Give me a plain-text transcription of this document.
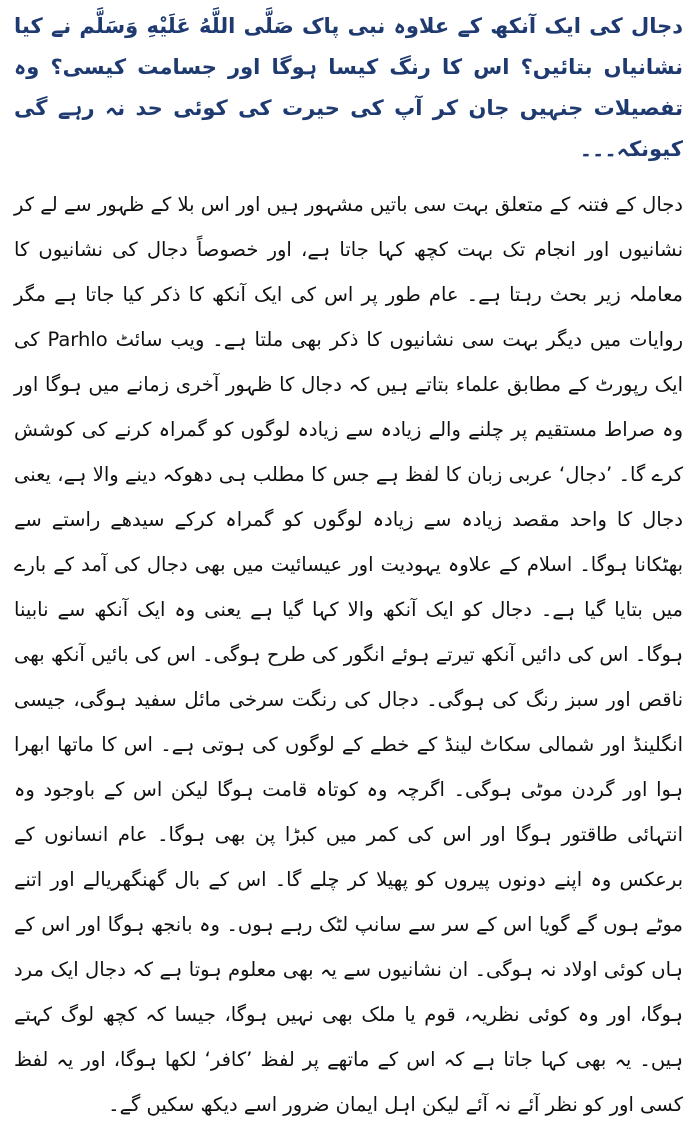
دجال کی ایک آنکھ کے علاوہ نبی پاک صَلَّى اللَّهُ عَلَيْهِ وَسَلَّم نے کیا نشانیاں بتائیں؟ اس کا رنگ کیسا ہوگا اور جسامت کیسی؟ وہ تفصیلات جنہیں جان کر آپ کی حیرت کی کوئی حد نہ رہے گی کیونکہ۔۔۔

دجال کے فتنہ کے متعلق بہت سی باتیں مشہور ہیں اور اس بلا کے ظہور سے لے کر نشانیوں اور انجام تک بہت کچھ کہا جاتا ہے، اور خصوصاً دجال کی نشانیوں کا معاملہ زیر بحث رہتا ہے۔ عام طور پر اس کی ایک آنکھ کا ذکر کیا جاتا ہے مگر روایات میں دیگر بہت سی نشانیوں کا ذکر بھی ملتا ہے۔ ویب سائٹ Parhlo کی ایک رپورٹ کے مطابق علماء بتاتے ہیں کہ دجال کا ظہور آخری زمانے میں ہوگا اور وہ صراط مستقیم پر چلنے والے زیادہ سے زیادہ لوگوں کو گمراہ کرنے کی کوشش کرے گا۔ ’دجال‘ عربی زبان کا لفظ ہے جس کا مطلب ہی دھوکہ دینے والا ہے، یعنی دجال کا واحد مقصد زیادہ سے زیادہ لوگوں کو گمراہ کرکے سیدھے راستے سے بھٹکانا ہوگا۔ اسلام کے علاوہ یہودیت اور عیسائیت میں بھی دجال کی آمد کے بارے میں بتایا گیا ہے۔ دجال کو ایک آنکھ والا کہا گیا ہے یعنی وہ ایک آنکھ سے نابینا ہوگا۔ اس کی دائیں آنکھ تیرتے ہوئے انگور کی طرح ہوگی۔ اس کی بائیں آنکھ بھی ناقص اور سبز رنگ کی ہوگی۔ دجال کی رنگت سرخی مائل سفید ہوگی، جیسی انگلینڈ اور شمالی سکاٹ لینڈ کے خطے کے لوگوں کی ہوتی ہے۔ اس کا ماتھا ابھرا ہوا اور گردن موٹی ہوگی۔ اگرچہ وہ کوتاہ قامت ہوگا لیکن اس کے باوجود وہ انتہائی طاقتور ہوگا اور اس کی کمر میں کبڑا پن بھی ہوگا۔ عام انسانوں کے برعکس وہ اپنے دونوں پیروں کو پھیلا کر چلے گا۔ اس کے بال گھنگھریالے اور اتنے موٹے ہوں گے گویا اس کے سر سے سانپ لٹک رہے ہوں۔ وہ بانجھ ہوگا اور اس کے ہاں کوئی اولاد نہ ہوگی۔ ان نشانیوں سے یہ بھی معلوم ہوتا ہے کہ دجال ایک مرد ہوگا، اور وہ کوئی نظریہ، قوم یا ملک بھی نہیں ہوگا، جیسا کہ کچھ لوگ کہتے ہیں۔ یہ بھی کہا جاتا ہے کہ اس کے ماتھے پر لفظ ’کافر‘ لکھا ہوگا، اور یہ لفظ کسی اور کو نظر آئے نہ آئے لیکن اہل ایمان ضرور اسے دیکھ سکیں گے۔
